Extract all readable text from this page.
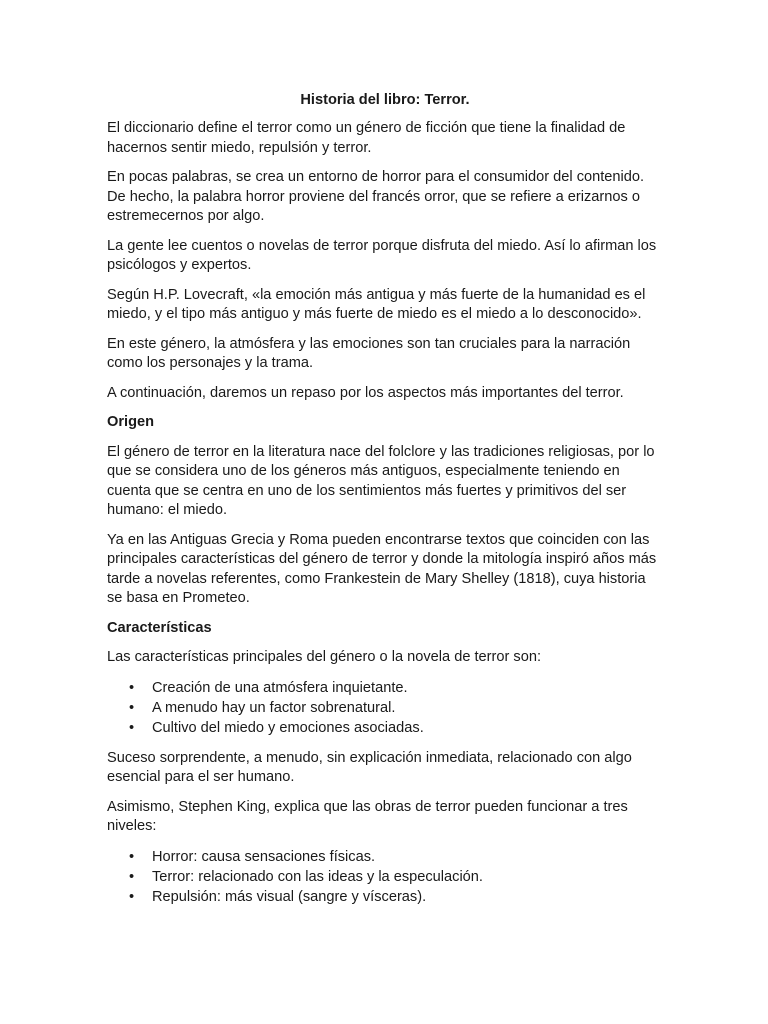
Historia del libro: Terror.

El diccionario define el terror como un género de ficción que tiene la finalidad de hacernos sentir miedo, repulsión y terror.

En pocas palabras, se crea un entorno de horror para el consumidor del contenido. De hecho, la palabra horror proviene del francés orror, que se refiere a erizarnos o estremecernos por algo.

La gente lee cuentos o novelas de terror porque disfruta del miedo. Así lo afirman los psicólogos y expertos.

Según H.P. Lovecraft, «la emoción más antigua y más fuerte de la humanidad es el miedo, y el tipo más antiguo y más fuerte de miedo es el miedo a lo desconocido».

En este género, la atmósfera y las emociones son tan cruciales para la narración como los personajes y la trama.

A continuación, daremos un repaso por los aspectos más importantes del terror.

Origen

El género de terror en la literatura nace del folclore y las tradiciones religiosas, por lo que se considera uno de los géneros más antiguos, especialmente teniendo en cuenta que se centra en uno de los sentimientos más fuertes y primitivos del ser humano: el miedo.

Ya en las Antiguas Grecia y Roma pueden encontrarse textos que coinciden con las principales características del género de terror y donde la mitología inspiró años más tarde a novelas referentes, como Frankestein de Mary Shelley (1818), cuya historia se basa en Prometeo.

Características

Las características principales del género o la novela de terror son:

• Creación de una atmósfera inquietante.
• A menudo hay un factor sobrenatural.
• Cultivo del miedo y emociones asociadas.

Suceso sorprendente, a menudo, sin explicación inmediata, relacionado con algo esencial para el ser humano.

Asimismo, Stephen King, explica que las obras de terror pueden funcionar a tres niveles:

• Horror: causa sensaciones físicas.
• Terror: relacionado con las ideas y la especulación.
• Repulsión: más visual (sangre y vísceras).
